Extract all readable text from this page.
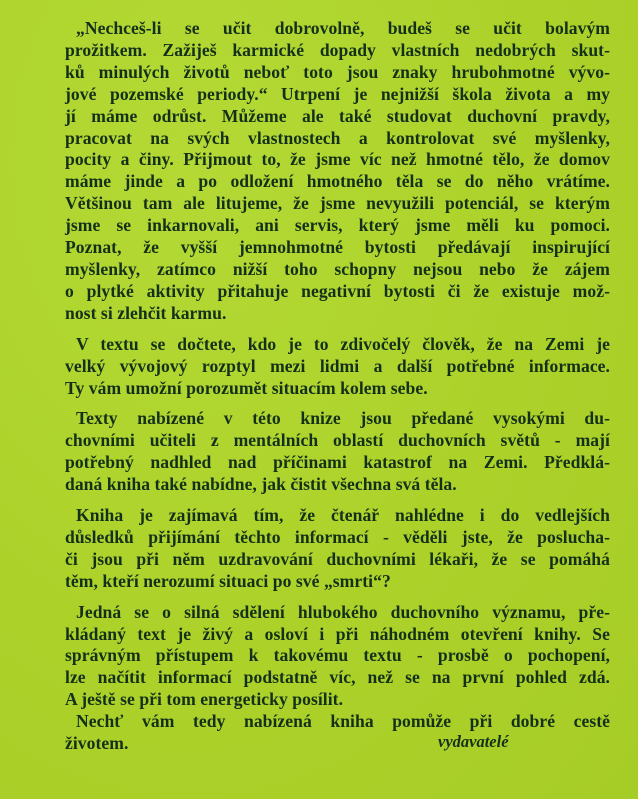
„Nechceš-li se učit dobrovolně, budeš se učit bolavým
prožitkem. Zažiješ karmické dopady vlastních nedobrých skut-
ků minulých životů neboť toto jsou znaky hrubohmotné vývo-
jové pozemské periody.“ Utrpení je nejnižší škola života a my
jí máme odrůst. Můžeme ale také studovat duchovní pravdy,
pracovat na svých vlastnostech a kontrolovat své myšlenky,
pocity a činy. Přijmout to, že jsme víc než hmotné tělo, že domov
máme jinde a po odložení hmotného těla se do něho vrátíme.
Většinou tam ale litujeme, že jsme nevyužili potenciál, se kterým
jsme se inkarnovali, ani servis, který jsme měli ku pomoci.
Poznat, že vyšší jemnohmotné bytosti předávají inspirující
myšlenky, zatímco nižší toho schopny nejsou nebo že zájem
o plytké aktivity přitahuje negativní bytosti či že existuje mož-
nost si zlehčit karmu.
V textu se dočtete, kdo je to zdivočelý člověk, že na Zemi je
velký vývojový rozptyl mezi lidmi a další potřebné informace.
Ty vám umožní porozumět situacím kolem sebe.
Texty nabízené v této knize jsou předané vysokými du-
chovními učiteli z mentálních oblastí duchovních světů - mají
potřebný nadhled nad příčinami katastrof na Zemi. Předklá-
daná kniha také nabídne, jak čistit všechna svá těla.
Kniha je zajímavá tím, že čtenář nahlédne i do vedlejších
důsledků přijímání těchto informací - věděli jste, že posluchа-
či jsou při něm uzdravování duchovními lékaři, že se pomáhá
těm, kteří nerozumí situaci po své „smrti“?
Jedná se o silná sdělení hlubokého duchovního významu, pře-
kládaný text je živý a osloví i při náhodném otevření knihy. Se
správným přístupem k takovému textu - prosbě o pochopení,
lze načítit informací podstatně víc, než se na první pohled zdá.
A ještě se při tom energeticky posílit.
Nechť vám tedy nabízená kniha pomůže při dobré cestě
životem.	vydavatelé
